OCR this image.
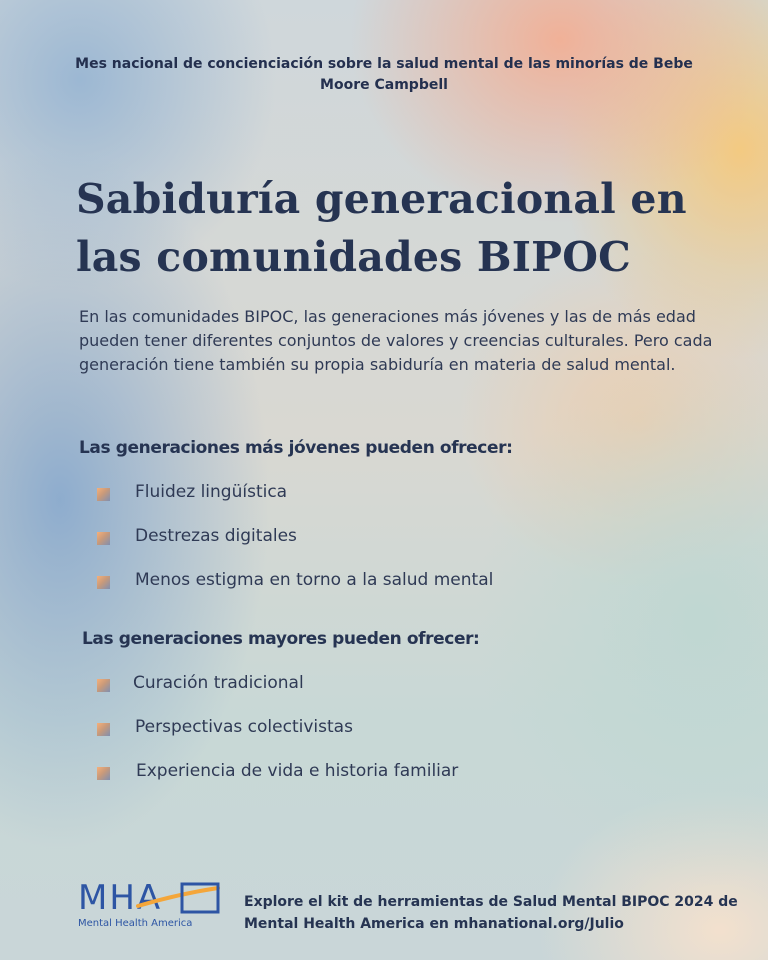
Mes nacional de concienciación sobre la salud mental de las minorías de Bebe Moore Campbell
Sabiduría generacional en
las comunidades BIPOC
En las comunidades BIPOC, las generaciones más jóvenes y las de más edad pueden tener diferentes conjuntos de valores y creencias culturales. Pero cada generación tiene también su propia sabiduría en materia de salud mental.
Las generaciones más jóvenes pueden ofrecer:
Fluidez lingüística
Destrezas digitales
Menos estigma en torno a la salud mental
Las generaciones mayores pueden ofrecer:
Curación tradicional
Perspectivas colectivistas
Experiencia de vida e historia familiar
MHA
Mental Health America
Explore el kit de herramientas de Salud Mental BIPOC 2024 de Mental Health America en mhanational.org/Julio
